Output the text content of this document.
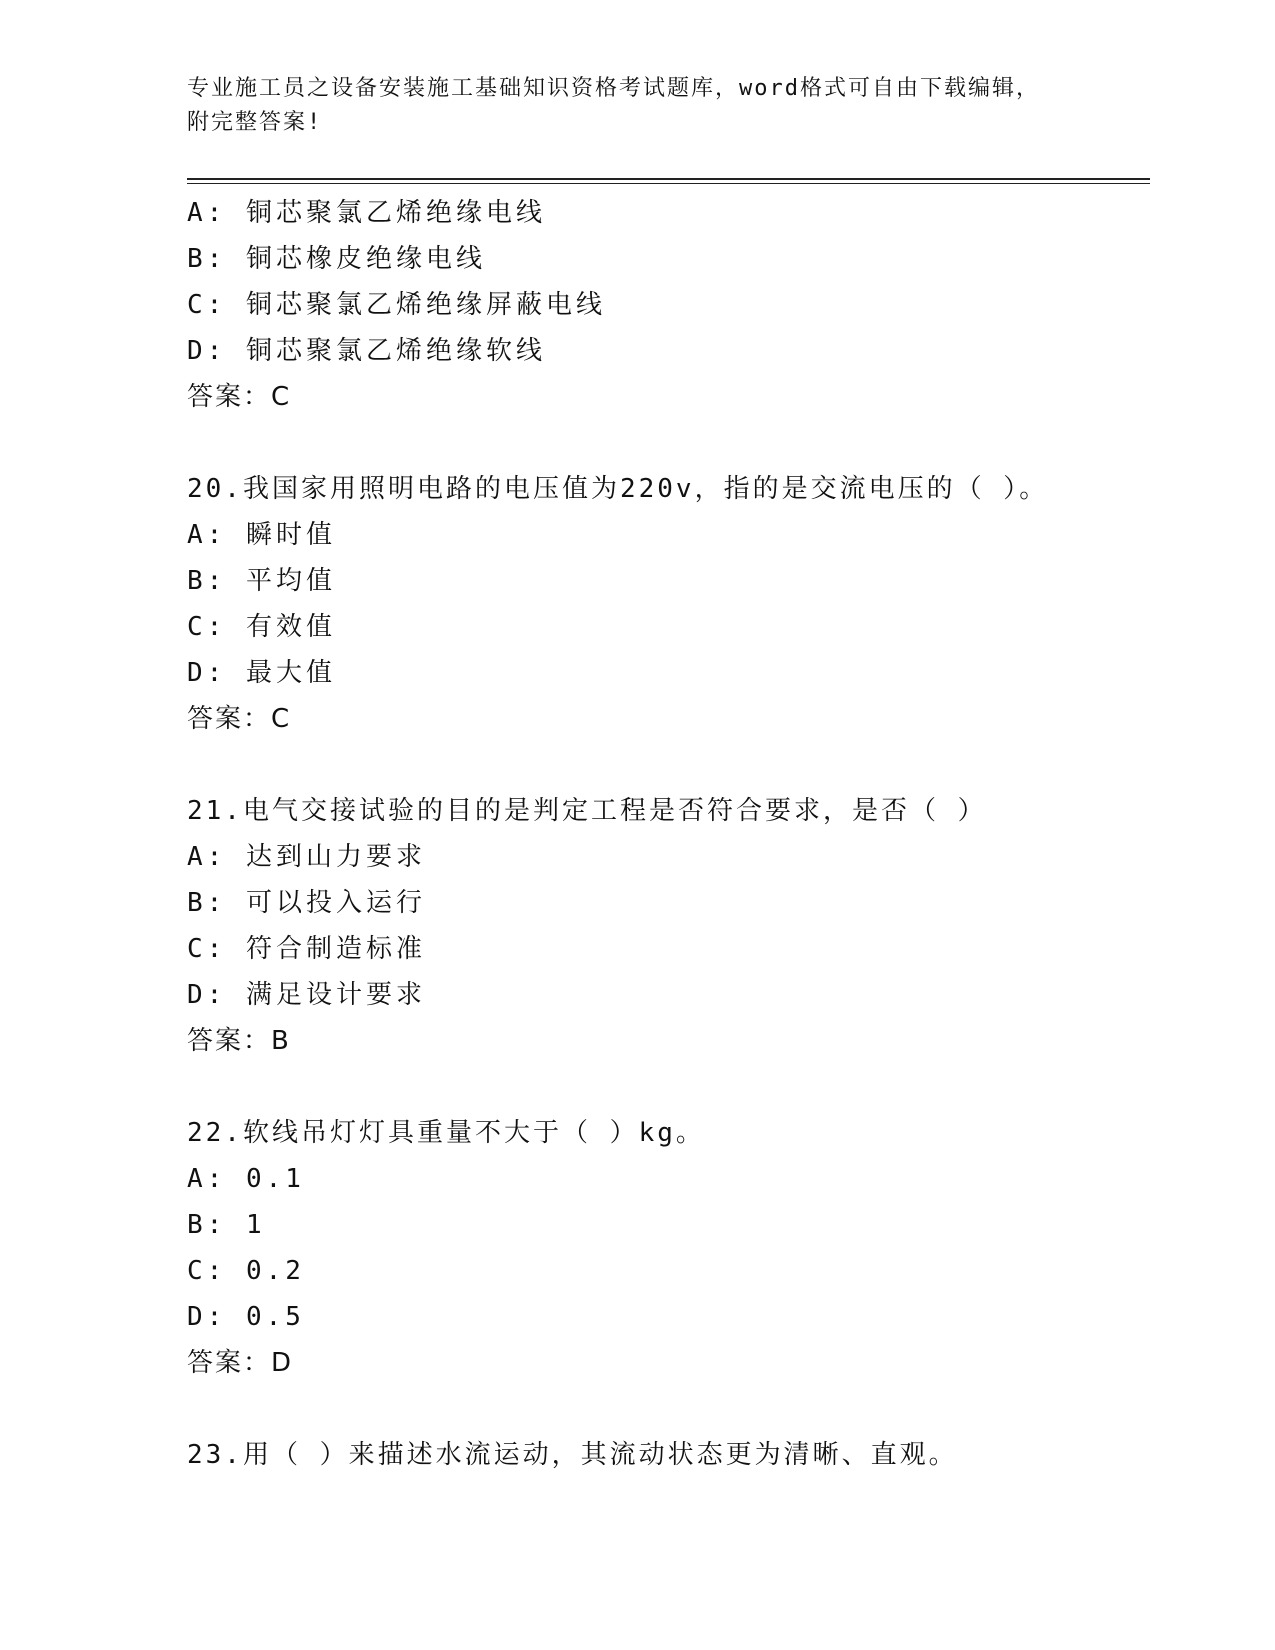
专业施工员之设备安装施工基础知识资格考试题库，word格式可自由下载编辑，
附完整答案!
A: 铜芯聚氯乙烯绝缘电线
B: 铜芯橡皮绝缘电线
C: 铜芯聚氯乙烯绝缘屏蔽电线
D: 铜芯聚氯乙烯绝缘软线
答案：C
20.我国家用照明电路的电压值为220v，指的是交流电压的（ ）。
A: 瞬时值
B: 平均值
C: 有效值
D: 最大值
答案：C
21.电气交接试验的目的是判定工程是否符合要求，是否（ ）
A: 达到山力要求
B: 可以投入运行
C: 符合制造标准
D: 满足设计要求
答案：B
22.软线吊灯灯具重量不大于（ ）kg。
A: 0.1
B: 1
C: 0.2
D: 0.5
答案：D
23.用（ ）来描述水流运动，其流动状态更为清晰、直观。
